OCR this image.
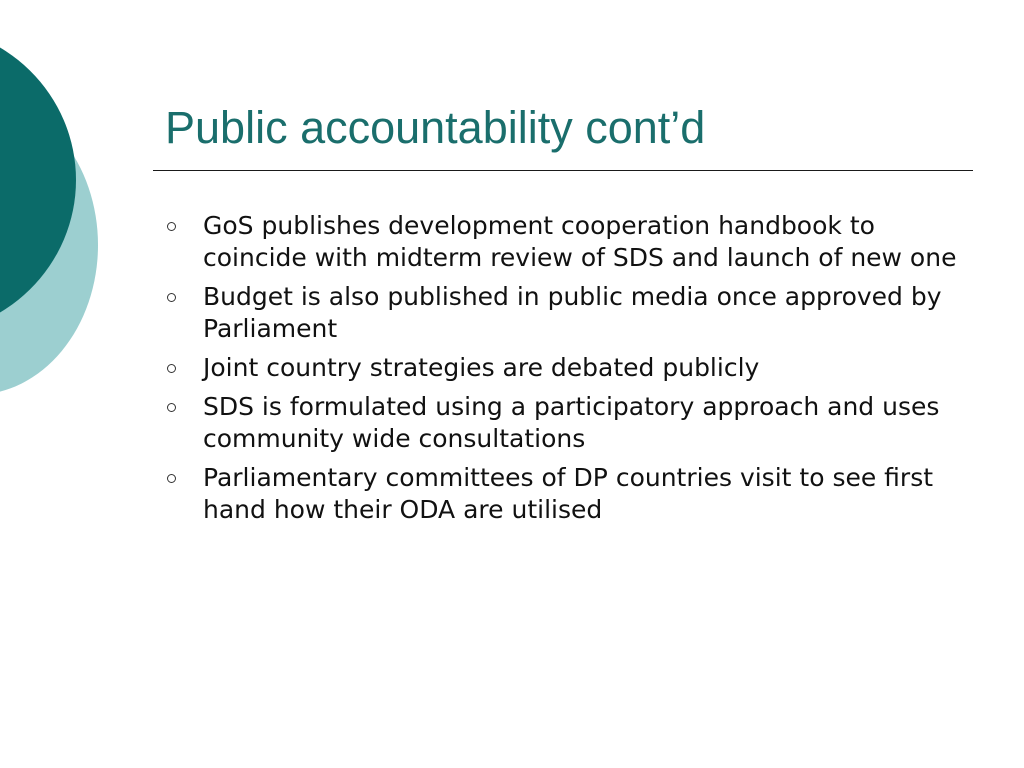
Public accountability cont’d
GoS publishes development cooperation handbook to coincide with midterm review of SDS and launch of new one
Budget is also published in public media once approved by Parliament
Joint country strategies are debated publicly
SDS is formulated using a participatory approach and uses community wide consultations
Parliamentary committees of DP countries visit to see first hand how their ODA are utilised
